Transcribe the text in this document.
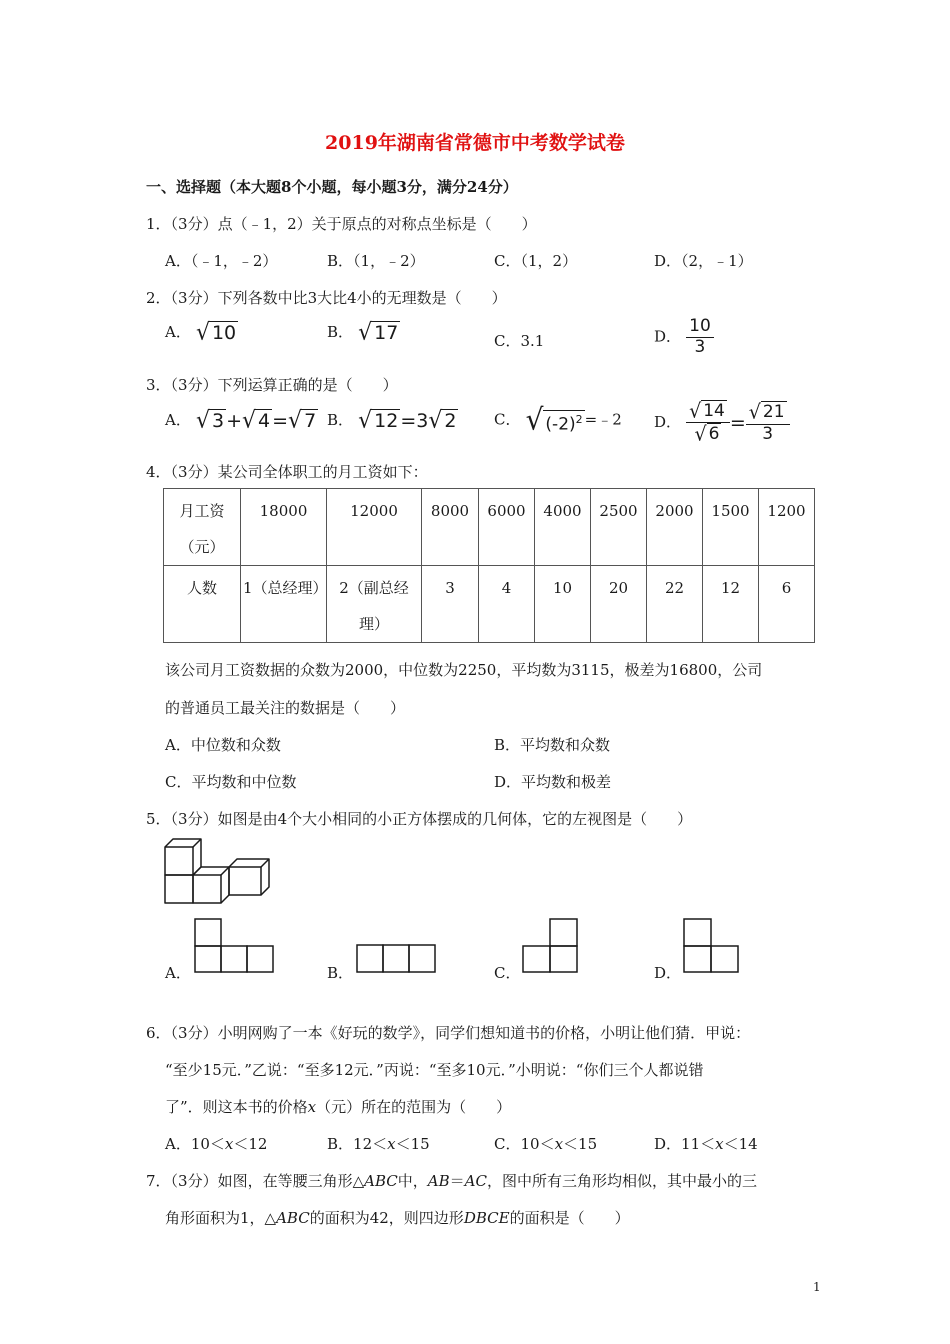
2019年湖南省常德市中考数学试卷
一、选择题（本大题8个小题，每小题3分，满分24分）
1．（3分）点（﹣1，2）关于原点的对称点坐标是（　　）
A．（﹣1，﹣2）	B．（1，﹣2）	C．（1，2）	D．（2，﹣1）
2．（3分）下列各数中比3大比4小的无理数是（　　）
A． √ 10	B． √ 17	C．3.1	D． $\frac{10}{3}$
3．（3分）下列运算正确的是（　　）
A． √ 3 + √ 4 = √ 7 B． √ 12 =3 √ 2	C． √ $(-2)^2$ =﹣2 D． $\frac{√ 14}{√ 6} = \frac{√ 21}{3}$
4．（3分）某公司全体职工的月工资如下：
月工资（元）	18000	12000	8000	6000	4000	2500	2000	1500	1200
人数	1（总经理）	2（副总经理）	3	4	10	20	22	12	6
该公司月工资数据的众数为2000，中位数为2250，平均数为3115，极差为16800，公司
的普通员工最关注的数据是（　　）
A．中位数和众数	B．平均数和众数
C．平均数和中位数	D．平均数和极差
5．（3分）如图是由4个大小相同的小正方体摆成的几何体，它的左视图是（　　）
A．	B．	C．	D．
6．（3分）小明网购了一本《好玩的数学》，同学们想知道书的价格，小明让他们猜．甲说：
“至少15元．”乙说：“至多12元．”丙说：“至多10元．”小明说：“你们三个人都说错
了”．则这本书的价格x（元）所在的范围为（　　）
A．10＜x＜12	B．12＜x＜15	C．10＜x＜15	D．11＜x＜14
7．（3分）如图，在等腰三角形△ABC中，AB＝AC，图中所有三角形均相似，其中最小的三
角形面积为1，△ABC的面积为42，则四边形DBCE的面积是（　　）
1
